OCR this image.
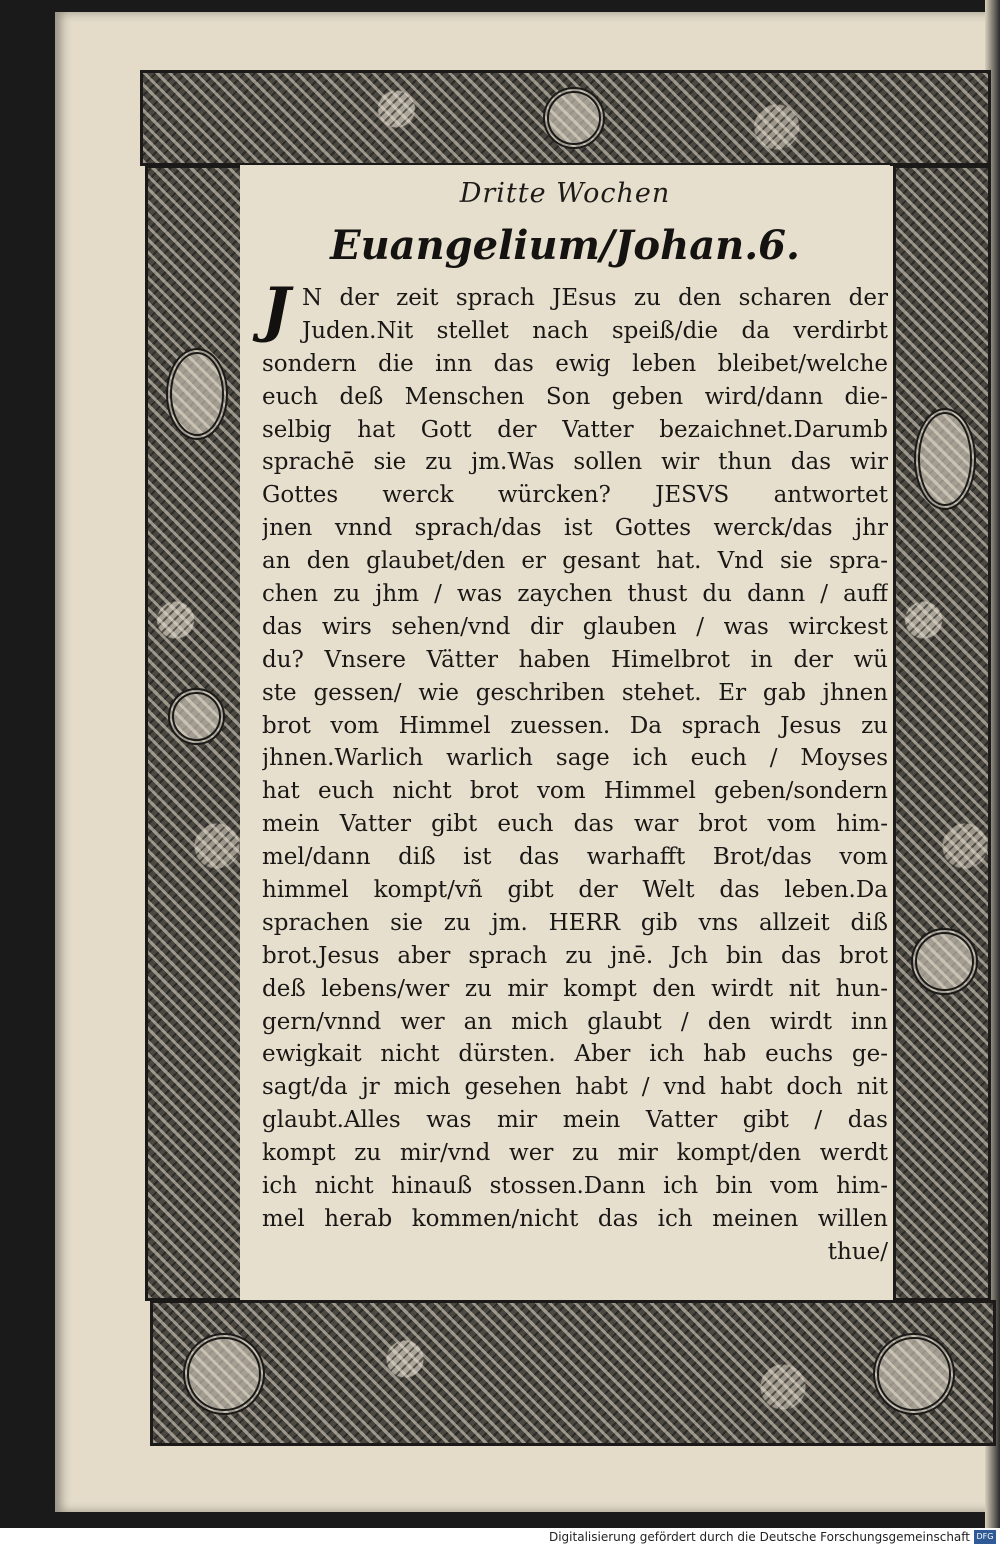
Dritte Wochen
Euangelium/Johan.6.
J N der zeit sprach JEsus zu den scharen der
Juden.Nit stellet nach speiß/die da verdirbt
sondern die inn das ewig leben bleibet/welche
euch deß Menschen Son geben wird/dann die-
selbig hat Gott der Vatter bezaichnet.Darumb
sprachē sie zu jm.Was sollen wir thun das wir
Gottes werck würcken? JESVS antwortet
jnen vnnd sprach/das ist Gottes werck/das jhr
an den glaubet/den er gesant hat. Vnd sie spra-
chen zu jhm / was zaychen thust du dann / auff
das wirs sehen/vnd dir glauben / was wirckest
du? Vnsere Vätter haben Himelbrot in der wü
ste gessen/ wie geschriben stehet. Er gab jhnen
brot vom Himmel zuessen. Da sprach Jesus zu
jhnen.Warlich warlich sage ich euch / Moyses
hat euch nicht brot vom Himmel geben/sondern
mein Vatter gibt euch das war brot vom him-
mel/dann diß ist das warhafft Brot/das vom
himmel kompt/vñ gibt der Welt das leben.Da
sprachen sie zu jm. HERR gib vns allzeit diß
brot.Jesus aber sprach zu jnē. Jch bin das brot
deß lebens/wer zu mir kompt den wirdt nit hun-
gern/vnnd wer an mich glaubt / den wirdt inn
ewigkait nicht dürsten. Aber ich hab euchs ge-
sagt/da jr mich gesehen habt / vnd habt doch nit
glaubt.Alles was mir mein Vatter gibt / das
kompt zu mir/vnd wer zu mir kompt/den werdt
ich nicht hinauß stossen.Dann ich bin vom him-
mel herab kommen/nicht das ich meinen willen
thue/
Digitalisierung gefördert durch die Deutsche Forschungsgemeinschaft DFG
